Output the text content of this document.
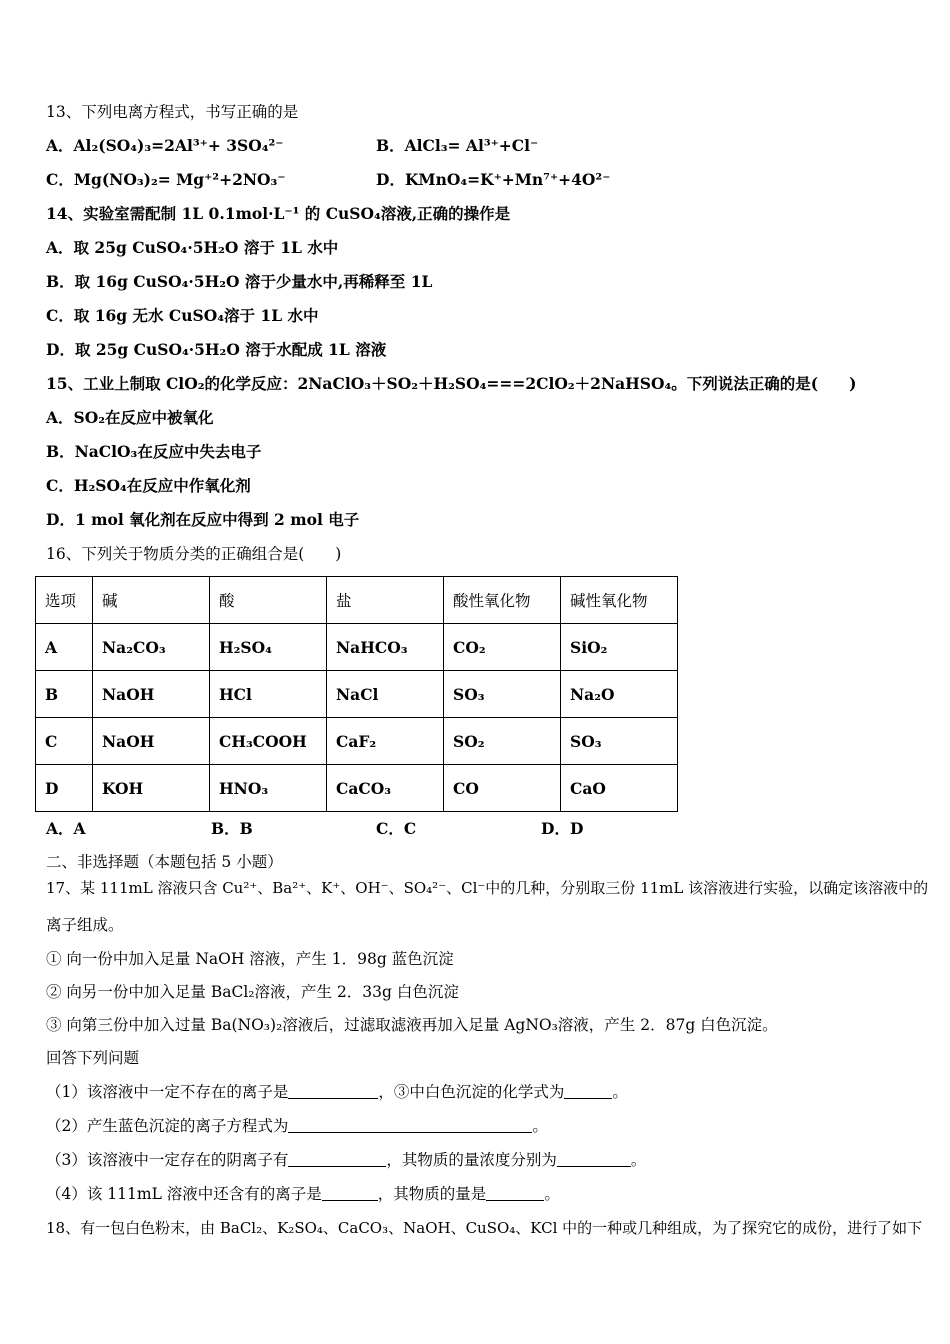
13、下列电离方程式，书写正确的是
A．Al₂(SO₄)₃=2Al³⁺+ 3SO₄²⁻	B．AlCl₃= Al³⁺+Cl⁻
C．Mg(NO₃)₂= Mg⁺²+2NO₃⁻	D．KMnO₄=K⁺+Mn⁷⁺+4O²⁻
14、实验室需配制 1L 0.1mol·L⁻¹ 的 CuSO₄溶液,正确的操作是
A．取 25g CuSO₄·5H₂O 溶于 1L 水中
B．取 16g CuSO₄·5H₂O 溶于少量水中,再稀释至 1L
C．取 16g 无水 CuSO₄溶于 1L 水中
D．取 25g CuSO₄·5H₂O 溶于水配成 1L 溶液
15、工业上制取 ClO₂的化学反应：2NaClO₃＋SO₂＋H₂SO₄===2ClO₂＋2NaHSO₄。下列说法正确的是(　　)
A．SO₂在反应中被氧化
B．NaClO₃在反应中失去电子
C．H₂SO₄在反应中作氧化剂
D．1 mol 氧化剂在反应中得到 2 mol 电子
16、下列关于物质分类的正确组合是(　　)
选项	碱	酸	盐	酸性氧化物	碱性氧化物
A	Na₂CO₃	H₂SO₄	NaHCO₃	CO₂	SiO₂
B	NaOH	HCl	NaCl	SO₃	Na₂O
C	NaOH	CH₃COOH	CaF₂	SO₂	SO₃
D	KOH	HNO₃	CaCO₃	CO	CaO
A．A	B．B	C．C	D．D
二、非选择题（本题包括 5 小题）
17、某 111mL 溶液只含 Cu²⁺、Ba²⁺、K⁺、OH⁻、SO₄²⁻、Cl⁻中的几种，分别取三份 11mL 该溶液进行实验，以确定该溶液中的
离子组成。
① 向一份中加入足量 NaOH 溶液，产生 1．98g 蓝色沉淀
② 向另一份中加入足量 BaCl₂溶液，产生 2．33g 白色沉淀
③ 向第三份中加入过量 Ba(NO₃)₂溶液后，过滤取滤液再加入足量 AgNO₃溶液，产生 2．87g 白色沉淀。
回答下列问题
（1）该溶液中一定不存在的离子是	，③中白色沉淀的化学式为	。
（2）产生蓝色沉淀的离子方程式为	。
（3）该溶液中一定存在的阴离子有	，其物质的量浓度分别为	。
（4）该 111mL 溶液中还含有的离子是	，其物质的量是	。
18、有一包白色粉末，由 BaCl₂、K₂SO₄、CaCO₃、NaOH、CuSO₄、KCl 中的一种或几种组成，为了探究它的成份，进行了如下
